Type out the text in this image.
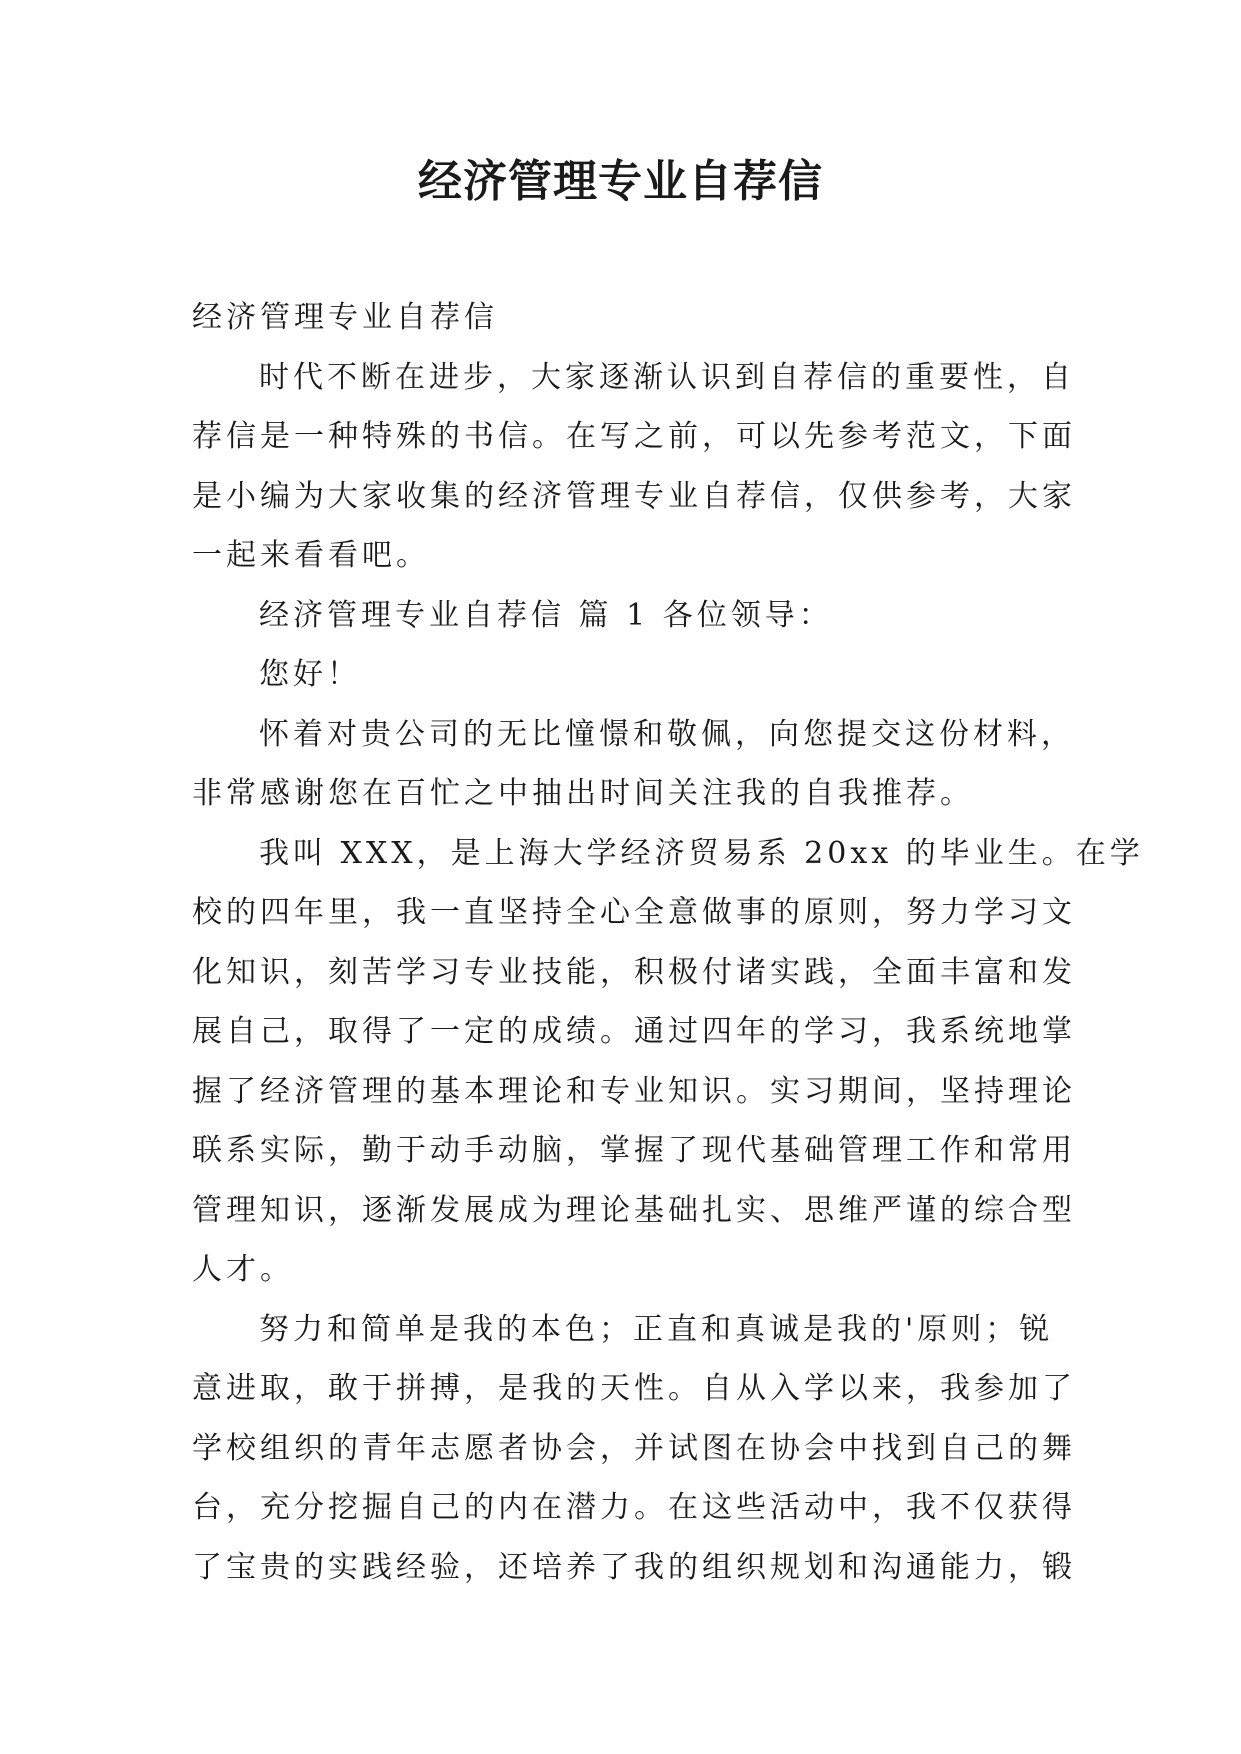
经济管理专业自荐信

经济管理专业自荐信

时代不断在进步，大家逐渐认识到自荐信的重要性，自

荐信是一种特殊的书信。在写之前，可以先参考范文，下面

是小编为大家收集的经济管理专业自荐信，仅供参考，大家

一起来看看吧。

经济管理专业自荐信 篇 1 各位领导：

您好！

怀着对贵公司的无比憧憬和敬佩，向您提交这份材料，

非常感谢您在百忙之中抽出时间关注我的自我推荐。

我叫 XXX，是上海大学经济贸易系 20xx 的毕业生。在学

校的四年里，我一直坚持全心全意做事的原则，努力学习文

化知识，刻苦学习专业技能，积极付诸实践，全面丰富和发

展自己，取得了一定的成绩。通过四年的学习，我系统地掌

握了经济管理的基本理论和专业知识。实习期间，坚持理论

联系实际，勤于动手动脑，掌握了现代基础管理工作和常用

管理知识，逐渐发展成为理论基础扎实、思维严谨的综合型

人才。

努力和简单是我的本色；正直和真诚是我的'原则；锐

意进取，敢于拼搏，是我的天性。自从入学以来，我参加了

学校组织的青年志愿者协会，并试图在协会中找到自己的舞

台，充分挖掘自己的内在潜力。在这些活动中，我不仅获得

了宝贵的实践经验，还培养了我的组织规划和沟通能力，锻
